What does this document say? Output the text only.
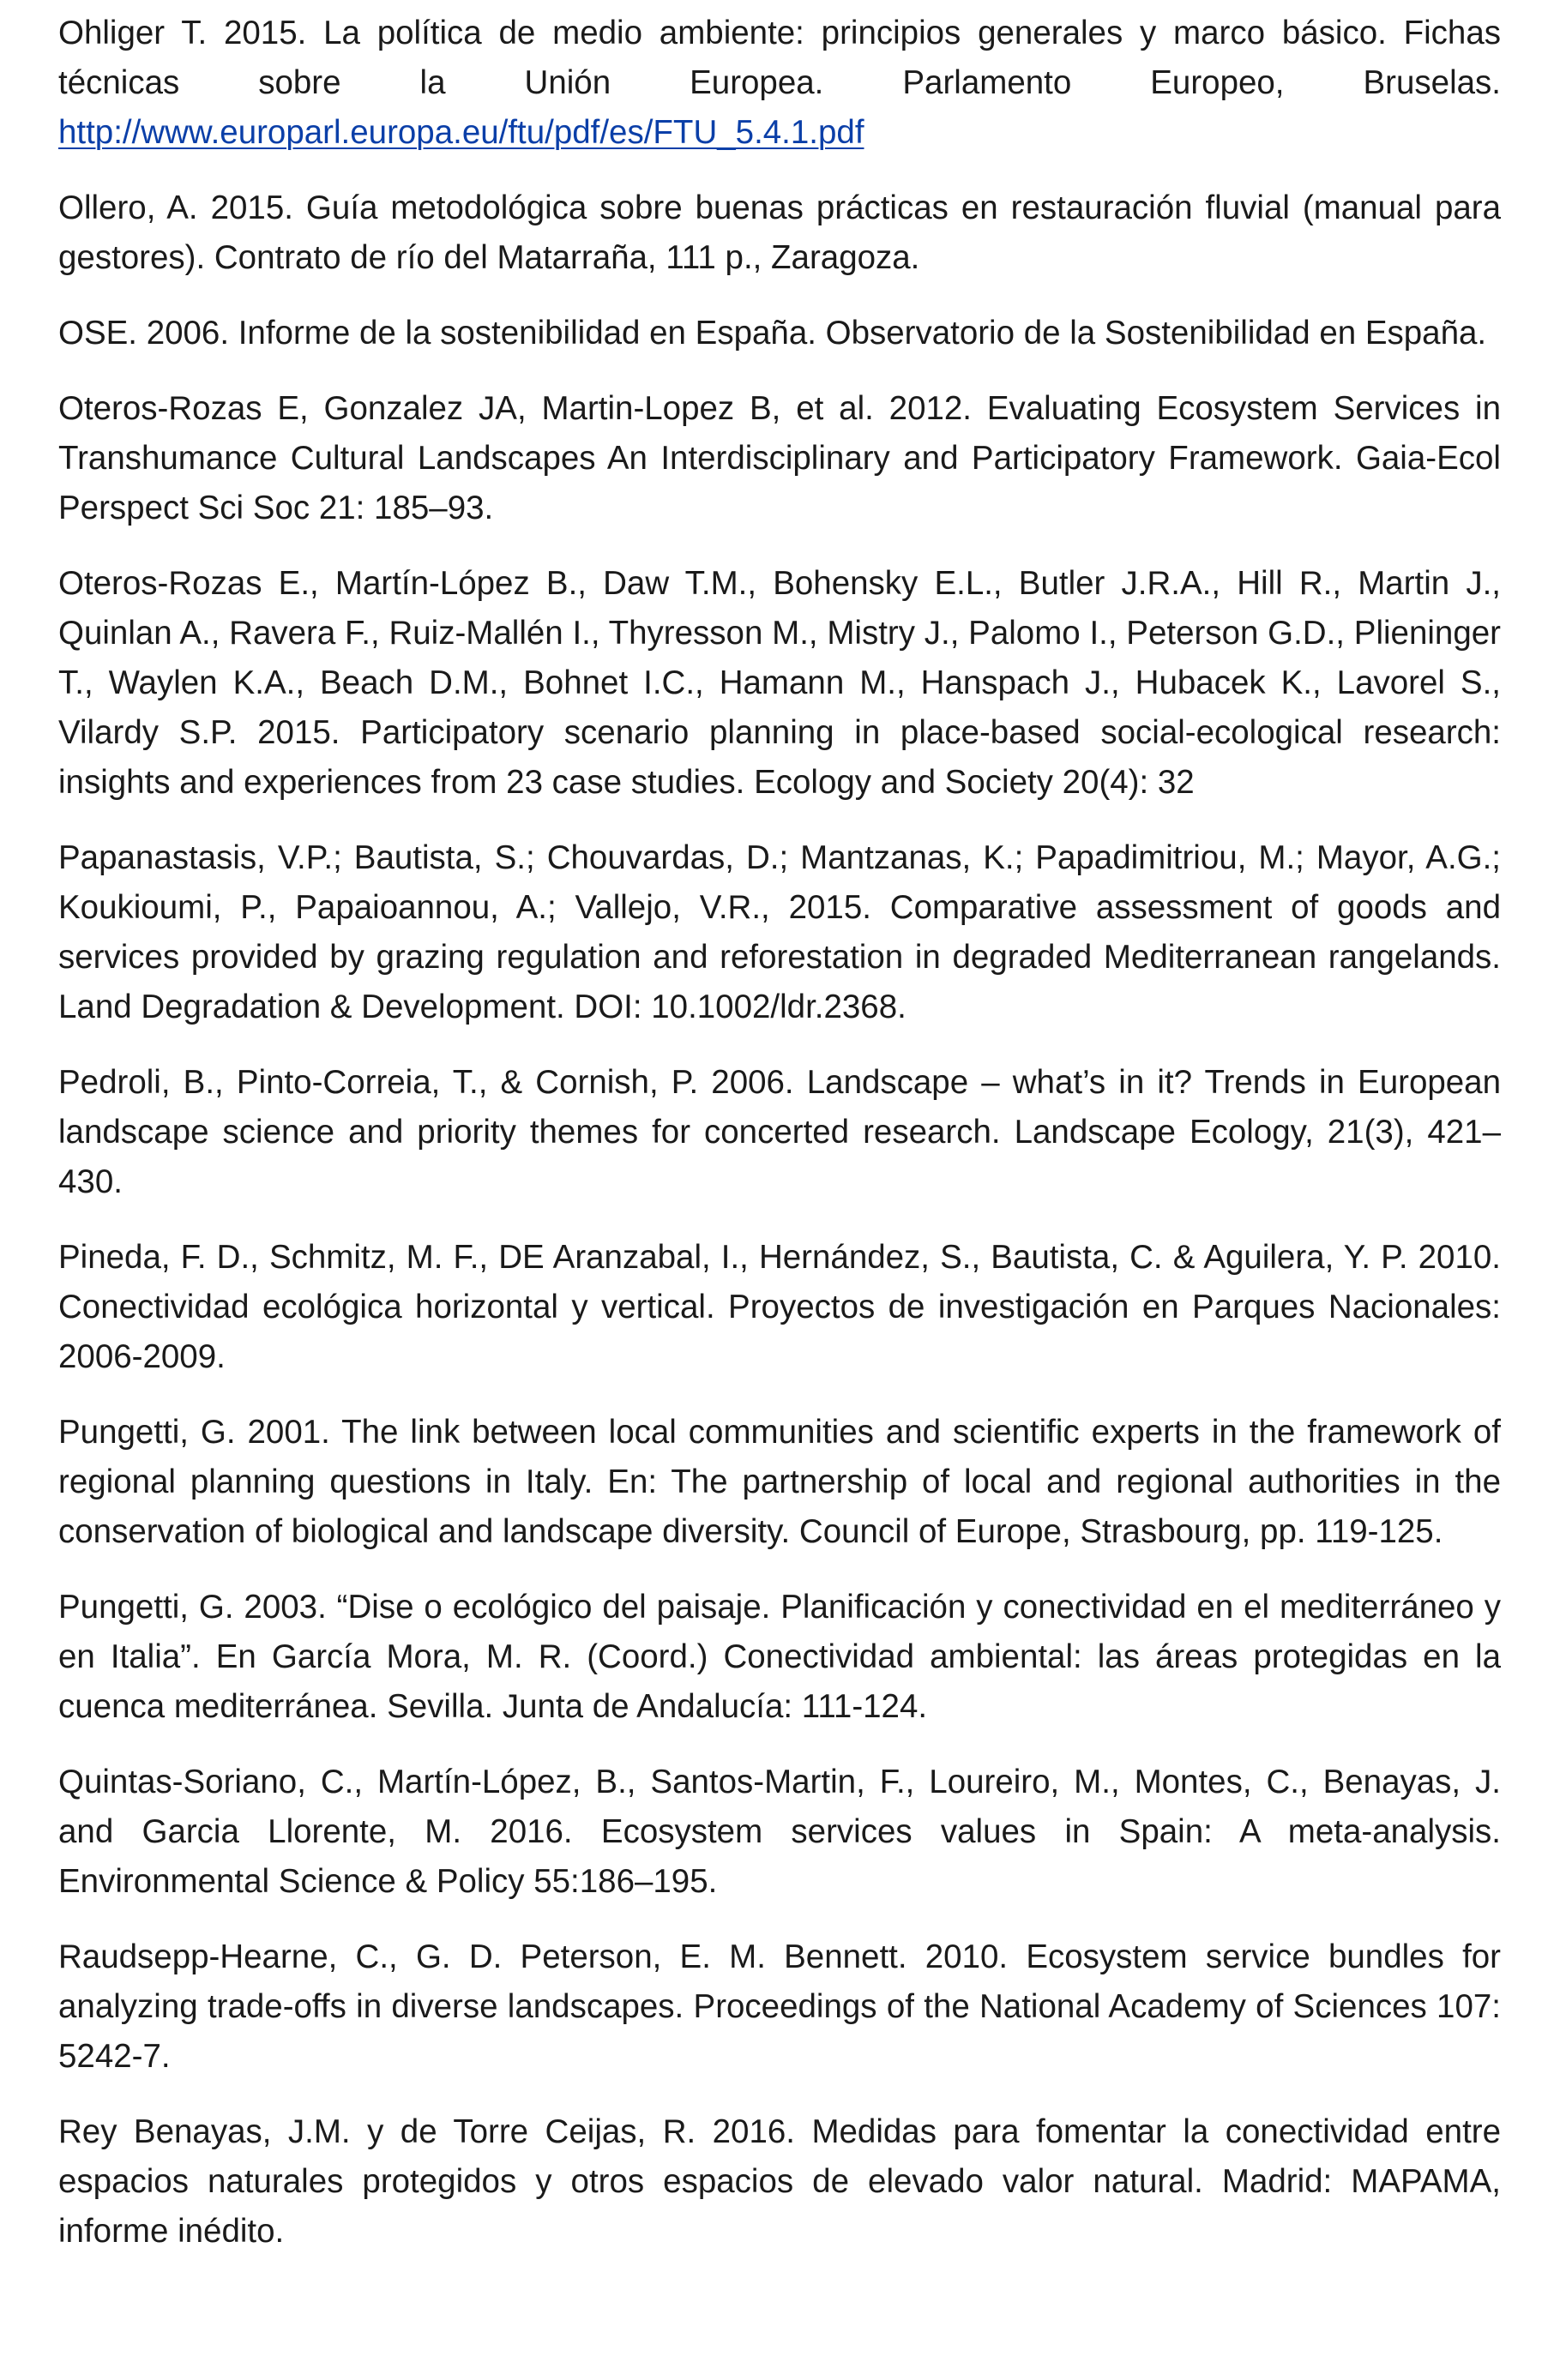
Ohliger T. 2015. La política de medio ambiente: principios generales y marco básico. Fichas técnicas sobre la Unión Europea. Parlamento Europeo, Bruselas. http://www.europarl.europa.eu/ftu/pdf/es/FTU_5.4.1.pdf

Ollero, A. 2015. Guía metodológica sobre buenas prácticas en restauración fluvial (manual para gestores). Contrato de río del Matarraña, 111 p., Zaragoza.

OSE. 2006. Informe de la sostenibilidad en España. Observatorio de la Sostenibilidad en España.

Oteros-Rozas E, Gonzalez JA, Martin-Lopez B, et al. 2012. Evaluating Ecosystem Services in Transhumance Cultural Landscapes An Interdisciplinary and Participatory Framework. Gaia-Ecol Perspect Sci Soc 21: 185–93.

Oteros-Rozas E., Martín-López B., Daw T.M., Bohensky E.L., Butler J.R.A., Hill R., Martin J., Quinlan A., Ravera F., Ruiz-Mallén I., Thyresson M., Mistry J., Palomo I., Peterson G.D., Plieninger T., Waylen K.A., Beach D.M., Bohnet I.C., Hamann M., Hanspach J., Hubacek K., Lavorel S., Vilardy S.P. 2015. Participatory scenario planning in place-based social-ecological research: insights and experiences from 23 case studies. Ecology and Society 20(4): 32

Papanastasis, V.P.; Bautista, S.; Chouvardas, D.; Mantzanas, K.; Papadimitriou, M.; Mayor, A.G.; Koukioumi, P., Papaioannou, A.; Vallejo, V.R., 2015. Comparative assessment of goods and services provided by grazing regulation and reforestation in degraded Mediterranean rangelands. Land Degradation & Development. DOI: 10.1002/ldr.2368.

Pedroli, B., Pinto-Correia, T., & Cornish, P. 2006. Landscape – what’s in it? Trends in European landscape science and priority themes for concerted research. Landscape Ecology, 21(3), 421–430.

Pineda, F. D., Schmitz, M. F., DE Aranzabal, I., Hernández, S., Bautista, C. & Aguilera, Y. P. 2010. Conectividad ecológica horizontal y vertical. Proyectos de investigación en Parques Nacionales: 2006-2009.

Pungetti, G. 2001. The link between local communities and scientific experts in the framework of regional planning questions in Italy. En: The partnership of local and regional authorities in the conservation of biological and landscape diversity. Council of Europe, Strasbourg, pp. 119-125.

Pungetti, G. 2003. “Dise o ecológico del paisaje. Planificación y conectividad en el mediterráneo y en Italia”. En García Mora, M. R. (Coord.) Conectividad ambiental: las áreas protegidas en la cuenca mediterránea. Sevilla. Junta de Andalucía: 111-124.

Quintas-Soriano, C., Martín-López, B., Santos-Martin, F., Loureiro, M., Montes, C., Benayas, J. and Garcia Llorente, M. 2016. Ecosystem services values in Spain: A meta-analysis. Environmental Science & Policy 55:186–195.

Raudsepp-Hearne, C., G. D. Peterson, E. M. Bennett. 2010. Ecosystem service bundles for analyzing trade-offs in diverse landscapes. Proceedings of the National Academy of Sciences 107: 5242-7.

Rey Benayas, J.M. y de Torre Ceijas, R. 2016. Medidas para fomentar la conectividad entre espacios naturales protegidos y otros espacios de elevado valor natural. Madrid: MAPAMA, informe inédito.
